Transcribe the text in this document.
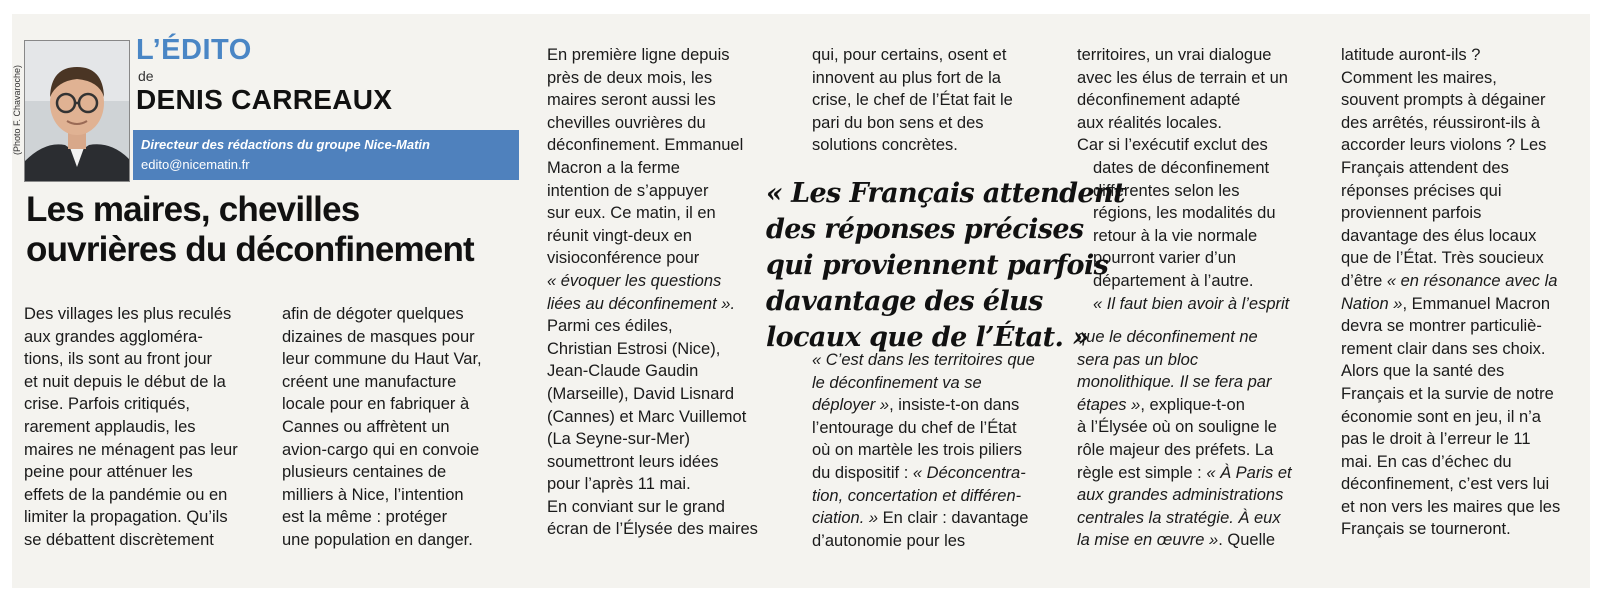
(Photo F. Chavaroche)
L’ÉDITO
de
DENIS CARREAUX
Directeur des rédactions du groupe Nice-Matin
edito@nicematin.fr
Les maires, chevilles
ouvrières du déconfinement
Des villages les plus reculés
aux grandes aggloméra-
tions, ils sont au front jour
et nuit depuis le début de la
crise. Parfois critiqués,
rarement applaudis, les
maires ne ménagent pas leur
peine pour atténuer les
effets de la pandémie ou en
limiter la propagation. Qu’ils
se débattent discrètement
afin de dégoter quelques
dizaines de masques pour
leur commune du Haut Var,
créent une manufacture
locale pour en fabriquer à
Cannes ou affrètent un
avion-cargo qui en convoie
plusieurs centaines de
milliers à Nice, l’intention
est la même : protéger
une population en danger.
En première ligne depuis
près de deux mois, les
maires seront aussi les
chevilles ouvrières du
déconfinement. Emmanuel
Macron a la ferme
intention de s’appuyer
sur eux. Ce matin, il en
réunit vingt-deux en
visioconférence pour
« évoquer les questions
liées au déconfinement ».
Parmi ces édiles,
Christian Estrosi (Nice),
Jean-Claude Gaudin
(Marseille), David Lisnard
(Cannes) et Marc Vuillemot
(La Seyne-sur-Mer)
soumettront leurs idées
pour l’après 11 mai.
En conviant sur le grand
écran de l’Élysée des maires
qui, pour certains, osent et
innovent au plus fort de la
crise, le chef de l’État fait le
pari du bon sens et des
solutions concrètes.
« C’est dans les territoires que
le déconfinement va se
déployer », insiste-t-on dans
l’entourage du chef de l’État
où on martèle les trois piliers
du dispositif : « Déconcentra-
tion, concertation et différen-
ciation. » En clair : davantage
d’autonomie pour les
territoires, un vrai dialogue
avec les élus de terrain et un
déconfinement adapté
aux réalités locales.
Car si l’exécutif exclut des
dates de déconfinement
différentes selon les
régions, les modalités du
retour à la vie normale
pourront varier d’un
département à l’autre.
« Il faut bien avoir à l’esprit
que le déconfinement ne
sera pas un bloc
monolithique. Il se fera par
étapes », explique-t-on
à l’Élysée où on souligne le
rôle majeur des préfets. La
règle est simple : « À Paris et
aux grandes administrations
centrales la stratégie. À eux
la mise en œuvre ». Quelle
latitude auront-ils ?
Comment les maires,
souvent prompts à dégainer
des arrêtés, réussiront-ils à
accorder leurs violons ? Les
Français attendent des
réponses précises qui
proviennent parfois
davantage des élus locaux
que de l’État. Très soucieux
d’être « en résonance avec la
Nation », Emmanuel Macron
devra se montrer particuliè-
rement clair dans ses choix.
Alors que la santé des
Français et la survie de notre
économie sont en jeu, il n’a
pas le droit à l’erreur le 11
mai. En cas d’échec du
déconfinement, c’est vers lui
et non vers les maires que les
Français se tourneront.
« Les Français attendent
des réponses précises
qui proviennent parfois
davantage des élus
locaux que de l’État. »
